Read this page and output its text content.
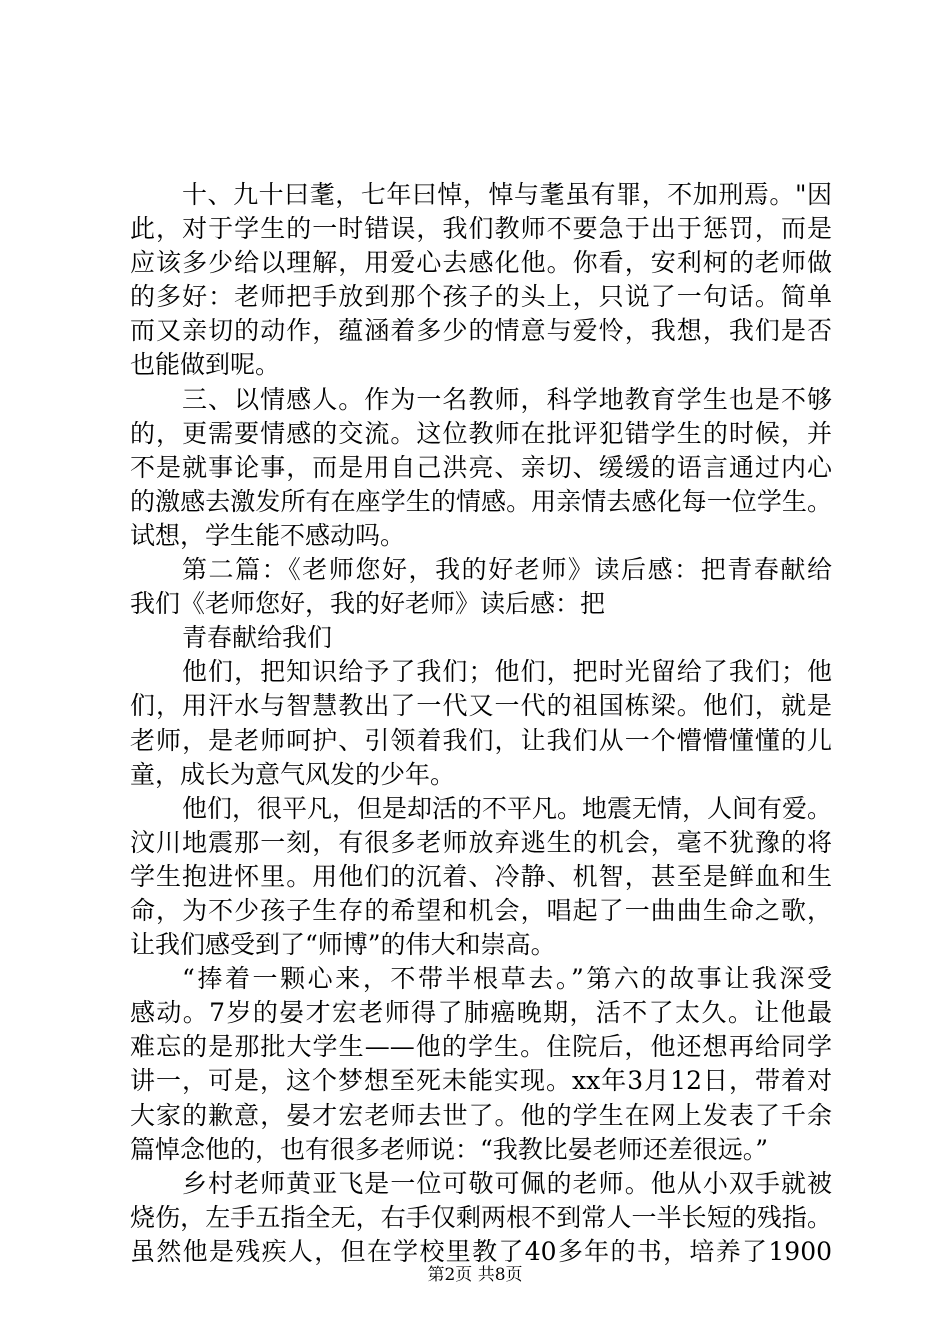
十、九十曰耄，七年曰悼，悼与耄虽有罪，不加刑焉。"因
此，对于学生的一时错误，我们教师不要急于出于惩罚，而是
应该多少给以理解，用爱心去感化他。你看，安利柯的老师做
的多好：老师把手放到那个孩子的头上，只说了一句话。简单
而又亲切的动作，蕴涵着多少的情意与爱怜，我想，我们是否
也能做到呢。
三、以情感人。作为一名教师，科学地教育学生也是不够
的，更需要情感的交流。这位教师在批评犯错学生的时候，并
不是就事论事，而是用自己洪亮、亲切、缓缓的语言通过内心
的激感去激发所有在座学生的情感。用亲情去感化每一位学生。
试想，学生能不感动吗。
第二篇：《老师您好，我的好老师》读后感：把青春献给
我们《老师您好，我的好老师》读后感：把
青春献给我们
他们，把知识给予了我们；他们，把时光留给了我们；他
们，用汗水与智慧教出了一代又一代的祖国栋梁。他们，就是
老师，是老师呵护、引领着我们，让我们从一个懵懵懂懂的儿
童，成长为意气风发的少年。
他们，很平凡，但是却活的不平凡。地震无情，人间有爱。
汶川地震那一刻，有很多老师放弃逃生的机会，毫不犹豫的将
学生抱进怀里。用他们的沉着、冷静、机智，甚至是鲜血和生
命，为不少孩子生存的希望和机会，唱起了一曲曲生命之歌，
让我们感受到了“师博”的伟大和崇高。
“捧着一颗心来，不带半根草去。”第六的故事让我深受
感动。7岁的晏才宏老师得了肺癌晚期，活不了太久。让他最
难忘的是那批大学生——他的学生。住院后，他还想再给同学
讲一，可是，这个梦想至死未能实现。xx年3月12日，带着对
大家的歉意，晏才宏老师去世了。他的学生在网上发表了千余
篇悼念他的，也有很多老师说：“我教比晏老师还差很远。”
乡村老师黄亚飞是一位可敬可佩的老师。他从小双手就被
烧伤，左手五指全无，右手仅剩两根不到常人一半长短的残指。
虽然他是残疾人，但在学校里教了40多年的书，培养了1900
第2页 共8页
